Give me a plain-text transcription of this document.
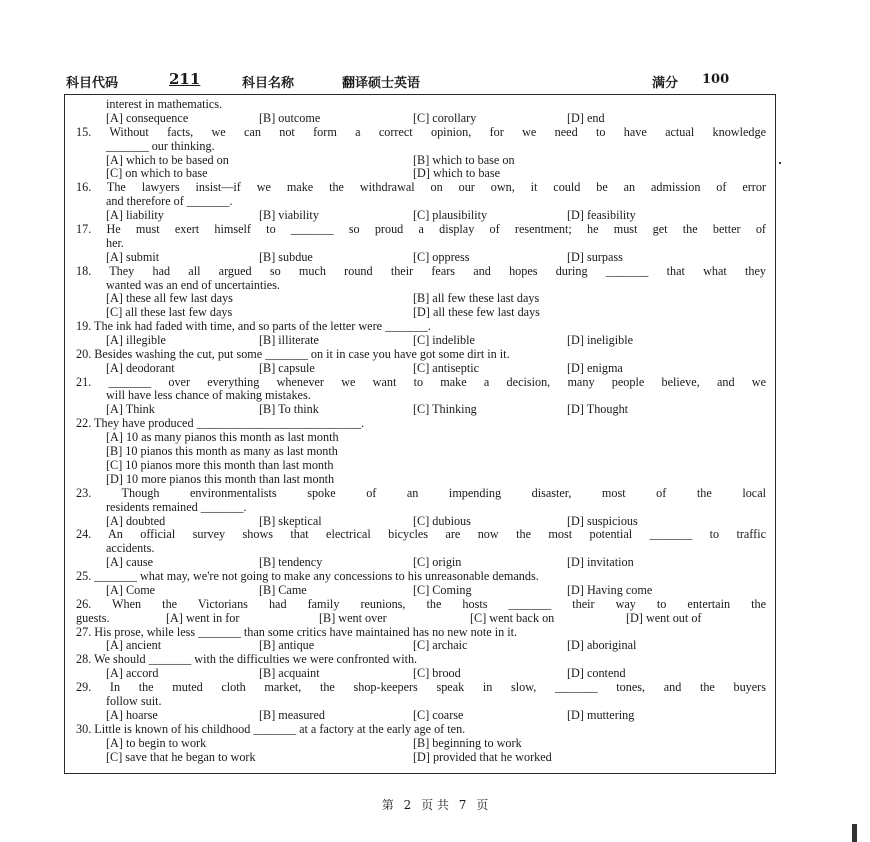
科目代码	211	科目名称	翻译硕士英语	满分 100
interest in mathematics.
[A] consequence	[B] outcome	[C] corollary	[D] end
15. Without facts, we can not form a correct opinion, for we need to have actual knowledge
_______ our thinking.
[A] which to be based on	[B] which to base on
[C] on which to base	[D] which to base
16. The lawyers insist—if we make the withdrawal on our own, it could be an admission of error
and therefore of _______.
[A] liability	[B] viability	[C] plausibility	[D] feasibility
17. He must exert himself to _______ so proud a display of resentment; he must get the better of
her.
[A] submit	[B] subdue	[C] oppress	[D] surpass
18. They had all argued so much round their fears and hopes during _______ that what they
wanted was an end of uncertainties.
[A] these all few last days	[B] all few these last days
[C] all these last few days	[D] all these few last days
19. The ink had faded with time, and so parts of the letter were _______.
[A] illegible	[B] illiterate	[C] indelible	[D] ineligible
20. Besides washing the cut, put some _______ on it in case you have got some dirt in it.
[A] deodorant	[B] capsule	[C] antiseptic	[D] enigma
21. _______ over everything whenever we want to make a decision, many people believe, and we
will have less chance of making mistakes.
[A] Think	[B] To think	[C] Thinking	[D] Thought
22. They have produced ___________________________.
[A] 10 as many pianos this month as last month
[B] 10 pianos this month as many as last month
[C] 10 pianos more this month than last month
[D] 10 more pianos this month than last month
23. Though environmentalists spoke of an impending disaster, most of the local
residents remained _______.
[A] doubted	[B] skeptical	[C] dubious	[D] suspicious
24. An official survey shows that electrical bicycles are now the most potential _______ to traffic
accidents.
[A] cause	[B] tendency	[C] origin	[D] invitation
25. _______ what may, we're not going to make any concessions to his unreasonable demands.
[A] Come	[B] Came	[C] Coming	[D] Having come
26. When the Victorians had family reunions, the hosts _______ their way to entertain the
guests.	[A] went in for	[B] went over	[C] went back on	[D] went out of
27. His prose, while less _______ than some critics have maintained has no new note in it.
[A] ancient	[B] antique	[C] archaic	[D] aboriginal
28. We should _______ with the difficulties we were confronted with.
[A] accord	[B] acquaint	[C] brood	[D] contend
29. In the muted cloth market, the shop-keepers speak in slow, _______ tones, and the buyers
follow suit.
[A] hoarse	[B] measured	[C] coarse	[D] muttering
30. Little is known of his childhood _______ at a factory at the early age of ten.
[A] to begin to work	[B] beginning to work
[C] save that he began to work	[D] provided that he worked
第 2 页 共 7 页
